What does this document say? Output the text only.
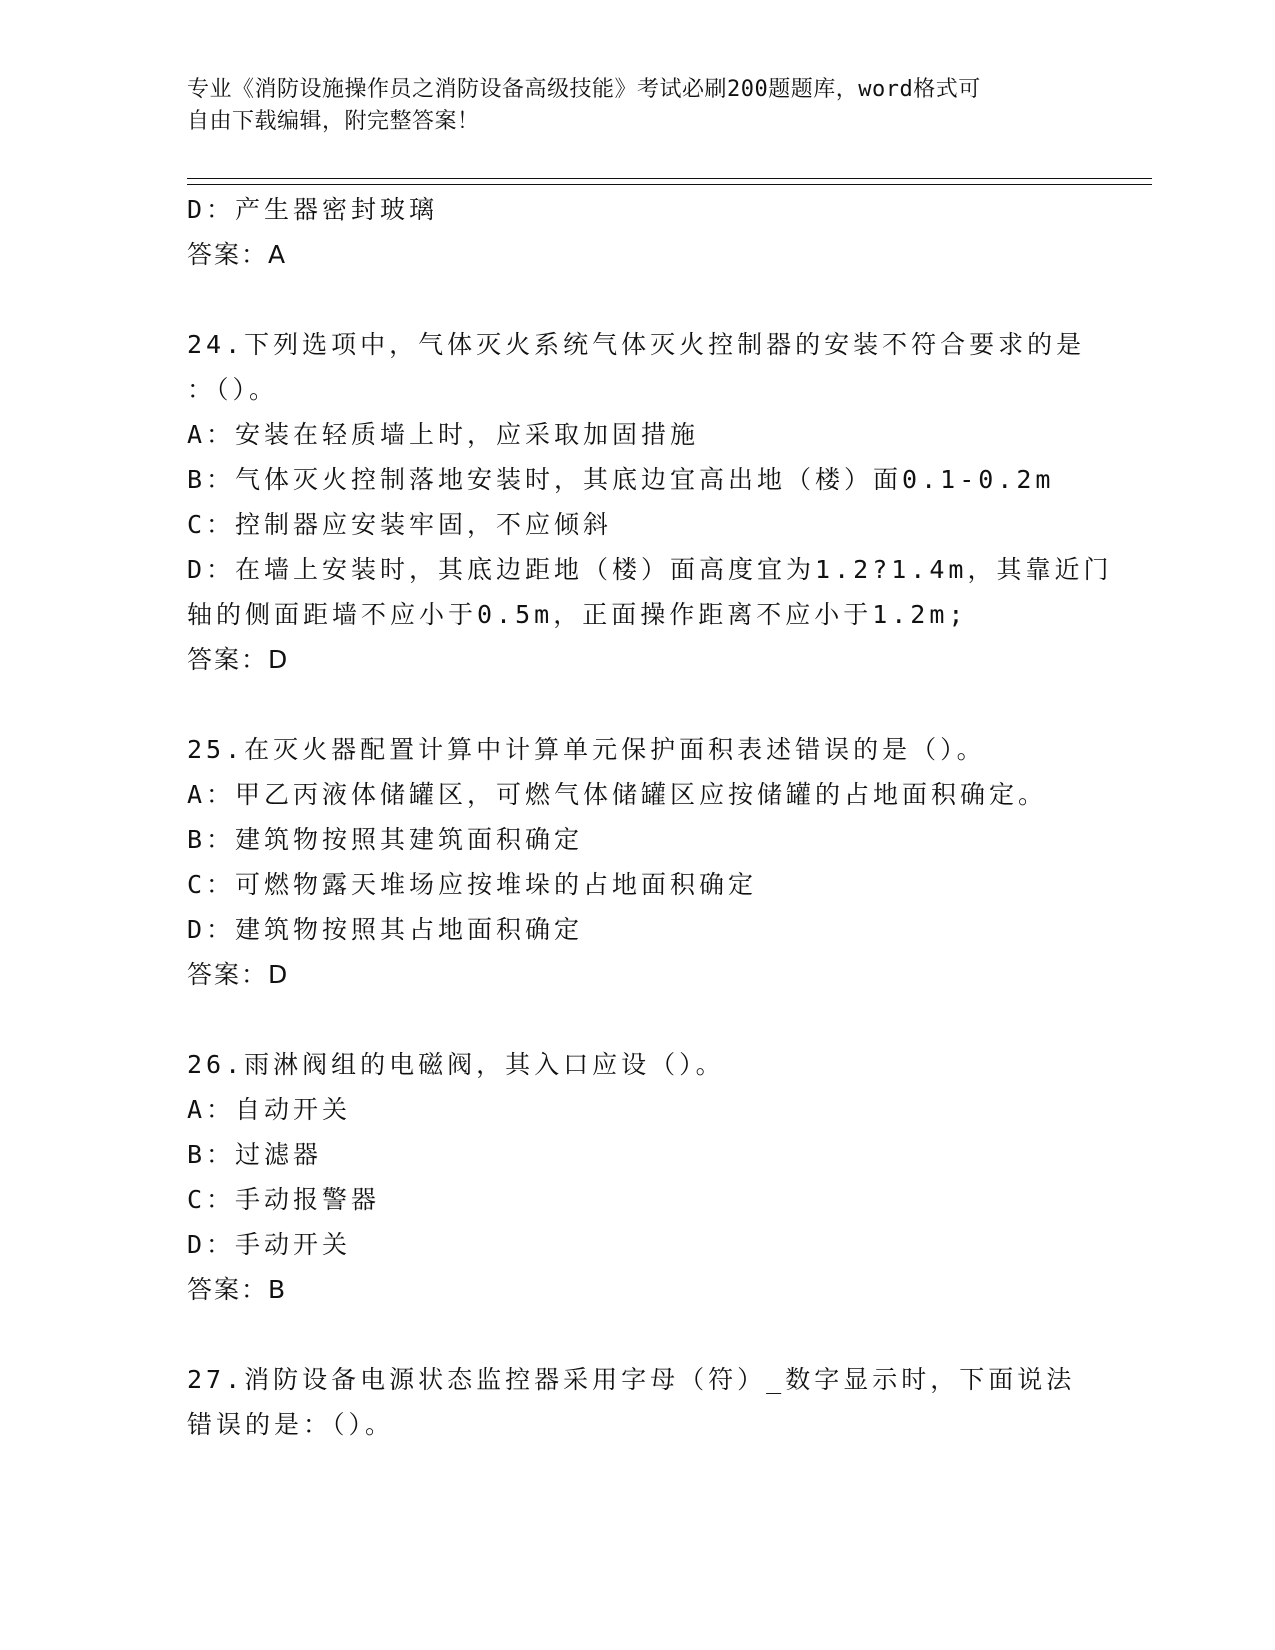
专业《消防设施操作员之消防设备高级技能》考试必刷200题题库，word格式可
自由下载编辑，附完整答案！
D：产生器密封玻璃
答案：A
24.下列选项中，气体灭火系统气体灭火控制器的安装不符合要求的是
：（）。
A：安装在轻质墙上时，应采取加固措施
B：气体灭火控制落地安装时，其底边宜高出地（楼）面0.1-0.2m
C：控制器应安装牢固，不应倾斜
D：在墙上安装时，其底边距地（楼）面高度宜为1.2?1.4m，其靠近门
轴的侧面距墙不应小于0.5m，正面操作距离不应小于1.2m;
答案：D
25.在灭火器配置计算中计算单元保护面积表述错误的是（）。
A：甲乙丙液体储罐区，可燃气体储罐区应按储罐的占地面积确定。
B：建筑物按照其建筑面积确定
C：可燃物露天堆场应按堆垛的占地面积确定
D：建筑物按照其占地面积确定
答案：D
26.雨淋阀组的电磁阀，其入口应设（）。
A：自动开关
B：过滤器
C：手动报警器
D：手动开关
答案：B
27.消防设备电源状态监控器采用字母（符）_数字显示时，下面说法
错误的是：（）。
